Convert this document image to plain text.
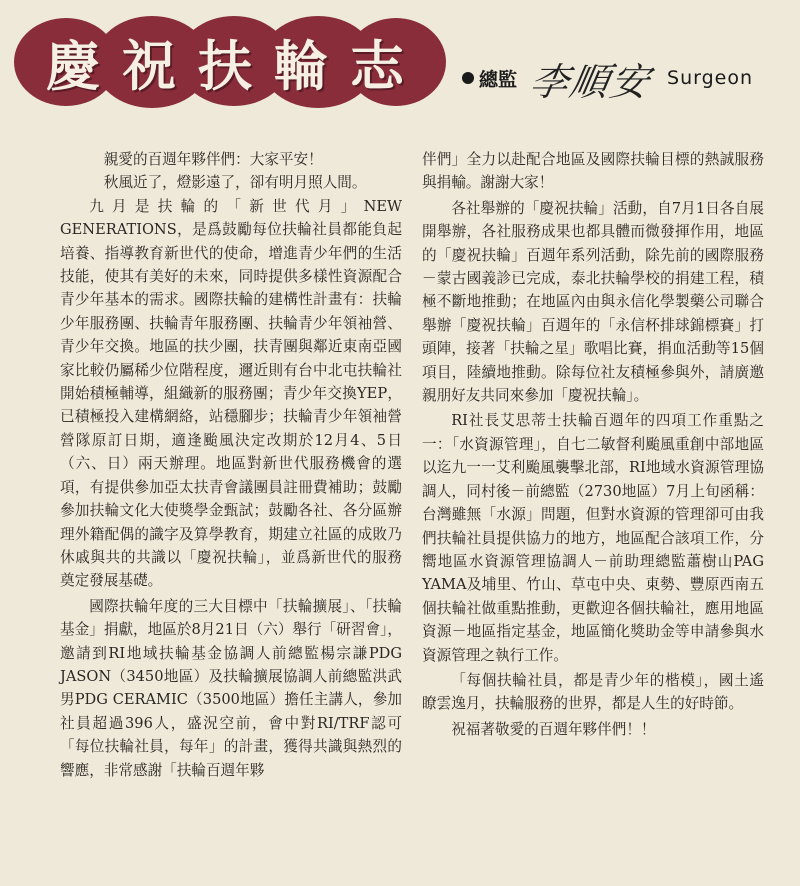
慶祝扶輪志	總監 李順安 Surgeon

親愛的百週年夥伴們：大家平安！

秋風近了，燈影遠了，卻有明月照人間。

九月是扶輪的「新世代月」NEW GENERATIONS，是爲鼓勵每位扶輪社員都能負起培養、指導教育新世代的使命，增進青少年們的生活技能，使其有美好的未來，同時提供多樣性資源配合青少年基本的需求。國際扶輪的建構性計畫有：扶輪少年服務團、扶輪青年服務團、扶輪青少年領袖營、青少年交換。地區的扶少團，扶青團與鄰近東南亞國家比較仍屬稀少位階程度，邇近則有台中北屯扶輪社開始積極輔導，組織新的服務團；青少年交換YEP，已積極投入建構網絡，站穩腳步；扶輪青少年領袖營營隊原訂日期，適逢颱風決定改期於12月4、5日（六、日）兩天辦理。地區對新世代服務機會的選項，有提供參加亞太扶青會議團員註冊費補助；鼓勵參加扶輪文化大使獎學金甄試；鼓勵各社、各分區辦理外籍配偶的識字及算學教育，期建立社區的成敗乃休戚與共的共識以「慶祝扶輪」，並爲新世代的服務奠定發展基礎。

國際扶輪年度的三大目標中「扶輪擴展」、「扶輪基金」捐獻，地區於8月21日（六）舉行「研習會」，邀請到RI地域扶輪基金協調人前總監楊宗謙PDG JASON（3450地區）及扶輪擴展協調人前總監洪武男PDG CERAMIC（3500地區）擔任主講人，參加社員超過396人，盛況空前，會中對RI/TRF認可「每位扶輪社員，每年」的計畫，獲得共識與熱烈的響應，非常感謝「扶輪百週年夥

伴們」全力以赴配合地區及國際扶輪目標的熱誠服務與捐輸。謝謝大家！

各社舉辦的「慶祝扶輪」活動，自7月1日各自展開舉辦，各社服務成果也都具體而微發揮作用，地區的「慶祝扶輪」百週年系列活動，除先前的國際服務－蒙古國義診已完成，泰北扶輪學校的捐建工程，積極不斷地推動；在地區內由與永信化學製藥公司聯合舉辦「慶祝扶輪」百週年的「永信杯排球錦標賽」打頭陣，接著「扶輪之星」歌唱比賽，捐血活動等15個項目，陸續地推動。除每位社友積極參與外，請廣邀親朋好友共同來參加「慶祝扶輪」。

RI社長艾思蒂士扶輪百週年的四項工作重點之一：「水資源管理」，自七二敏督利颱風重創中部地區以迄九一一艾利颱風襲擊北部，RI地域水資源管理協調人，同村後－前總監（2730地區）7月上旬函稱：台灣雖無「水源」問題，但對水資源的管理卻可由我們扶輪社員提供協力的地方，地區配合該項工作，分嚮地區水資源管理協調人－前助理總監蕭樹山PAG YAMA及埔里、竹山、草屯中央、東勢、豐原西南五個扶輪社做重點推動，更歡迎各個扶輪社，應用地區資源－地區指定基金，地區簡化獎助金等申請參與水資源管理之執行工作。

「每個扶輪社員，都是青少年的楷模」，國土遙瞭雲逸月，扶輪服務的世界，都是人生的好時節。

祝福著敬愛的百週年夥伴們！！
